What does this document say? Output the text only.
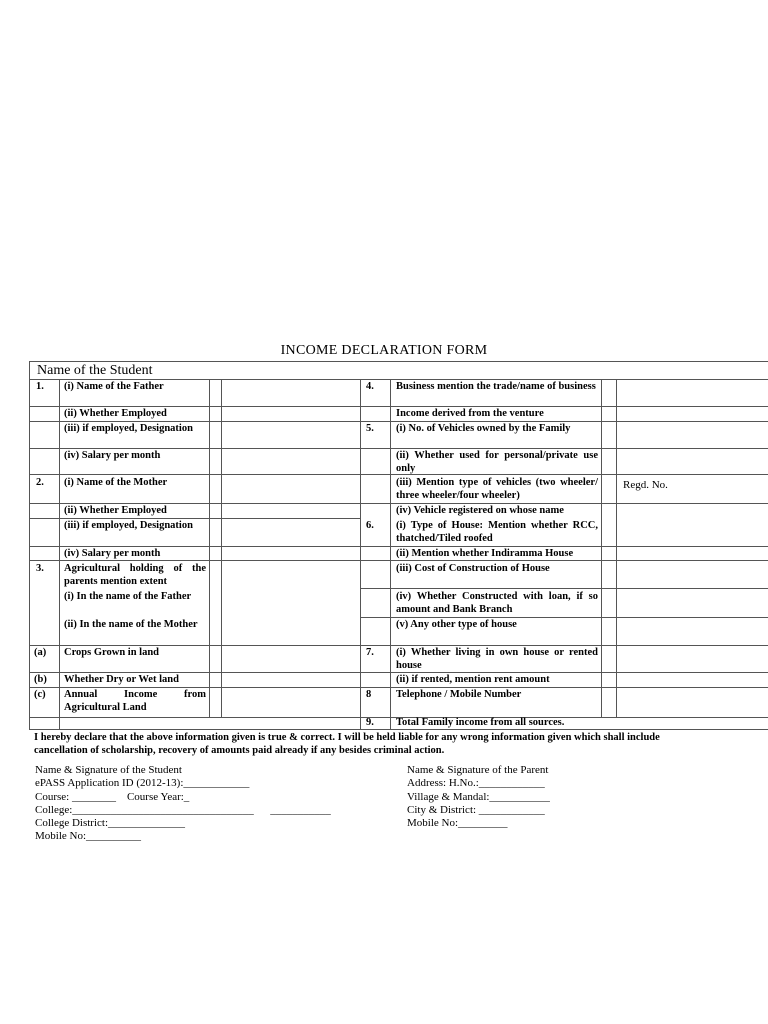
INCOME DECLARATION FORM
Name of the Student
1. (i) Name of the Father
(ii) Whether Employed
(iii) if employed, Designation
(iv) Salary per month
2. (i) Name of the Mother
(ii) Whether Employed
(iii) if employed, Designation
(iv) Salary per month
3. Agricultural holding of the parents mention extent
(i) In the name of the Father
(ii) In the name of the Mother
(a) Crops Grown in land
(b) Whether Dry or Wet land
(c) Annual Income from Agricultural Land
4. Business mention the trade/name of business
Income derived from the venture
5. (i) No. of Vehicles owned by the Family
(ii) Whether used for personal/private use only
(iii) Mention type of vehicles (two wheeler/ three wheeler/four wheeler)
Regd. No.
(iv) Vehicle registered on whose name
6. (i) Type of House: Mention whether RCC, thatched/Tiled roofed
(ii) Mention whether Indiramma House
(iii) Cost of Construction of House
(iv) Whether Constructed with loan, if so amount and Bank Branch
(v) Any other type of house
7. (i) Whether living in own house or rented house
(ii) if rented, mention rent amount
8 Telephone / Mobile Number
9. Total Family income from all sources.
I hereby declare that the above information given is true & correct. I will be held liable for any wrong information given which shall include cancellation of scholarship, recovery of amounts paid already if any besides criminal action.
Name & Signature of the Student
ePASS Application ID (2012-13):____________
Course: ________    Course Year:_
College:_________________________________      ___________
College District:______________
Mobile No:__________
Name & Signature of the Parent
Address: H.No.:____________
Village & Mandal:___________
City & District: ____________
Mobile No:_________
